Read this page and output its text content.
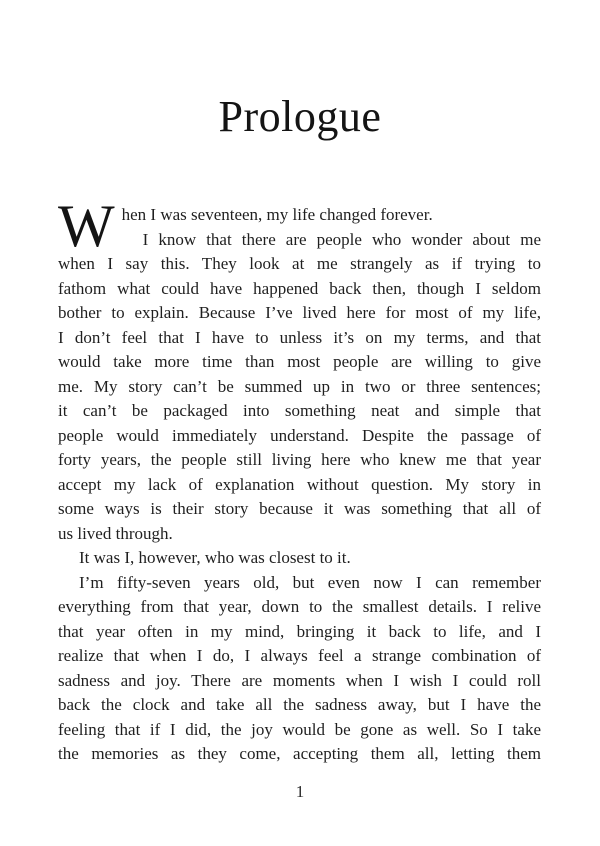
Prologue
W hen I was seventeen, my life changed forever.
I know that there are people who wonder about me
when I say this. They look at me strangely as if trying to
fathom what could have happened back then, though I seldom
bother to explain. Because I’ve lived here for most of my life,
I don’t feel that I have to unless it’s on my terms, and that
would take more time than most people are willing to give
me. My story can’t be summed up in two or three sentences;
it can’t be packaged into something neat and simple that
people would immediately understand. Despite the passage of
forty years, the people still living here who knew me that year
accept my lack of explanation without question. My story in
some ways is their story because it was something that all of
us lived through.
It was I, however, who was closest to it.
I’m fifty-seven years old, but even now I can remember
everything from that year, down to the smallest details. I relive
that year often in my mind, bringing it back to life, and I
realize that when I do, I always feel a strange combination of
sadness and joy. There are moments when I wish I could roll
back the clock and take all the sadness away, but I have the
feeling that if I did, the joy would be gone as well. So I take
the memories as they come, accepting them all, letting them
1
